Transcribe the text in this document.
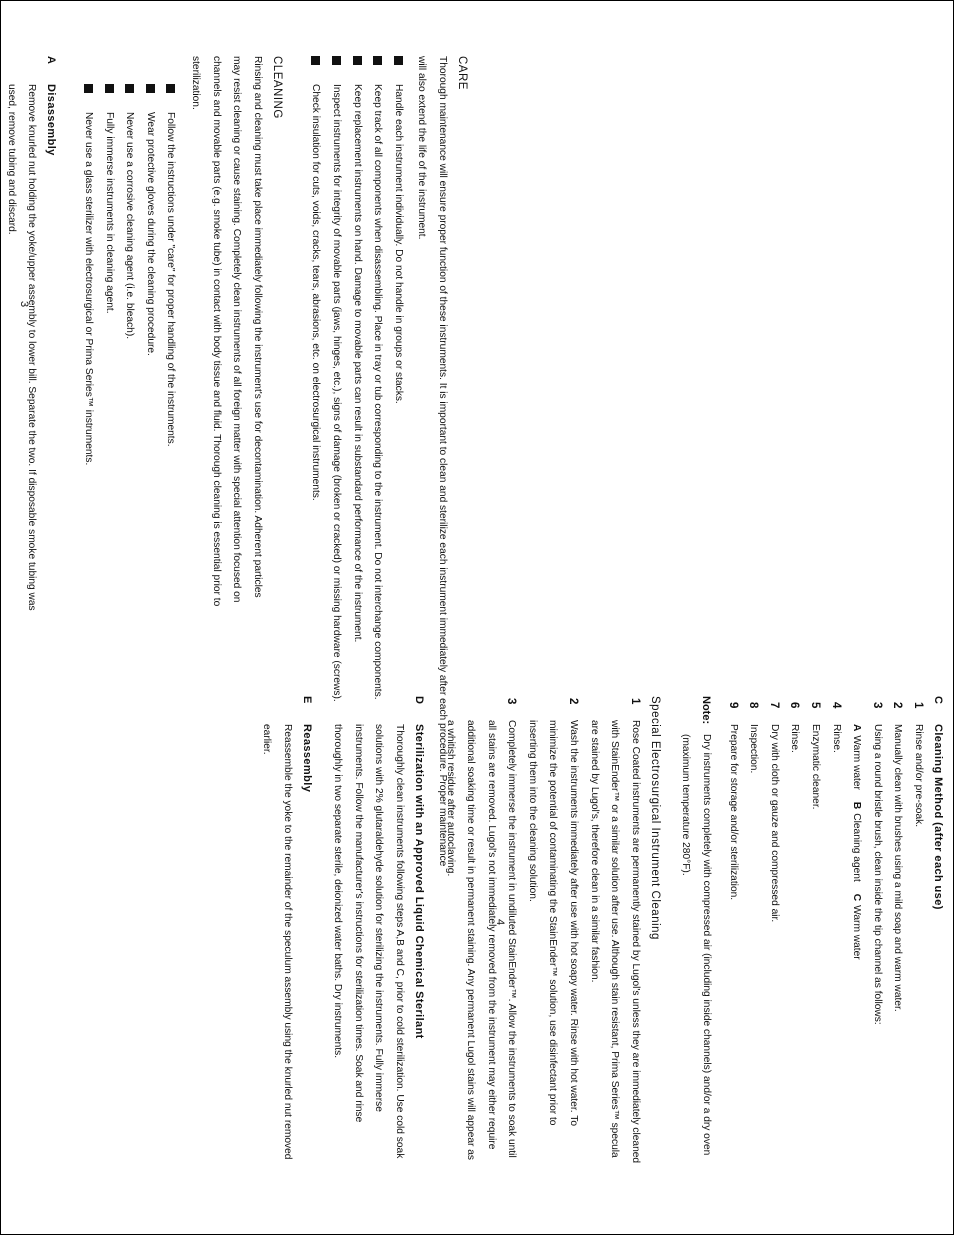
CARE

Thorough maintenance will ensure proper function of these instruments. It is important to clean and sterilize each instrument immediately after each procedure. Proper maintenance will also extend the life of the instrument.

Handle each instrument individually. Do not handle in groups or stacks.
Keep track of all components when disassembling. Place in tray or tub corresponding to the instrument. Do not interchange components.
Keep replacement instruments on hand. Damage to movable parts can result in substandard performance of the instrument.
Inspect instruments for integrity of movable parts (jaws, hinges, etc.), signs of damage (broken or cracked) or missing hardware (screws).
Check insulation for cuts, voids, cracks, tears, abrasions, etc. on electrosurgical instruments.
CLEANING

Rinsing and cleaning must take place immediately following the instrument's use for decontamination. Adherent particles may resist cleaning or cause staining. Completely clean instruments of all foreign matter with special attention focused on channels and movable parts (e.g. smoke tube) in contact with body tissue and fluid. Thorough cleaning is essential prior to sterilization.

Follow the instructions under "care" for proper handling of the instruments.
Wear protective gloves during the cleaning procedure.
Never use a corrosive cleaning agent (i.e. bleach).
Fully immerse instruments in cleaning agent.
Never use a glass sterilizer with electrosurgical or Prima Series™ instruments.
A
Disassembly

Remove knurled nut holding the yoke/upper assembly to lower bill. Separate the two. If disposable smoke tubing was used, remove tubing and discard.

3
C
Cleaning Method (after each use)
1
Rinse and/or pre-soak.
2
Manually clean with brushes using a mild soap and warm water.
3
Using a round bristle brush, clean inside the tip channel as follows:
AWarm waterBCleaning agentCWarm water
4
Rinse.
5
Enzymatic cleaner.
6
Rinse.
7
Dry with cloth or gauze and compressed air.
8
Inspection.
9
Prepare for storage and/or sterilization.
Note:
Dry instruments completely with compressed air (including inside channels) and/or a dry oven (maximum temperature 280°F).
Special Electrosurgical Instrument Cleaning
1
Rose Coated instruments are permanently stained by Lugol's unless they are immediately cleaned with StainEnder™ or a similar solution after use. Although stain resistant, Prima Series™ specula are stained by Lugol's, therefore clean in a similar fashion.
2
Wash the instruments immediately after use with hot soapy water. Rinse with hot water. To minimize the potential of contaminating the StainEnder™ solution, use disinfectant prior to inserting them into the cleaning solution.
3
Completely immerse the instrument in undiluted StainEnder™. Allow the instruments to soak until all stains are removed. Lugol's not immediately removed from the instrument may either require additional soaking time or result in permanent staining. Any permanent Lugol stains will appear as a whitish residue after autoclaving.
D
Sterilization with an Approved Liquid Chemical Sterilant

Thoroughly clean instruments following steps A,B and C, prior to cold sterilization. Use cold soak solutions with 2% glutaraldehyde solution for sterilizing the instruments. Fully immerse instruments. Follow the manufacturer's instructions for sterilization times. Soak and rinse thoroughly in two separate sterile, deionized water baths. Dry instruments.

E
Reassembly

Reassemble the yoke to the remainder of the speculum assembly using the knurled nut removed earlier.

4
